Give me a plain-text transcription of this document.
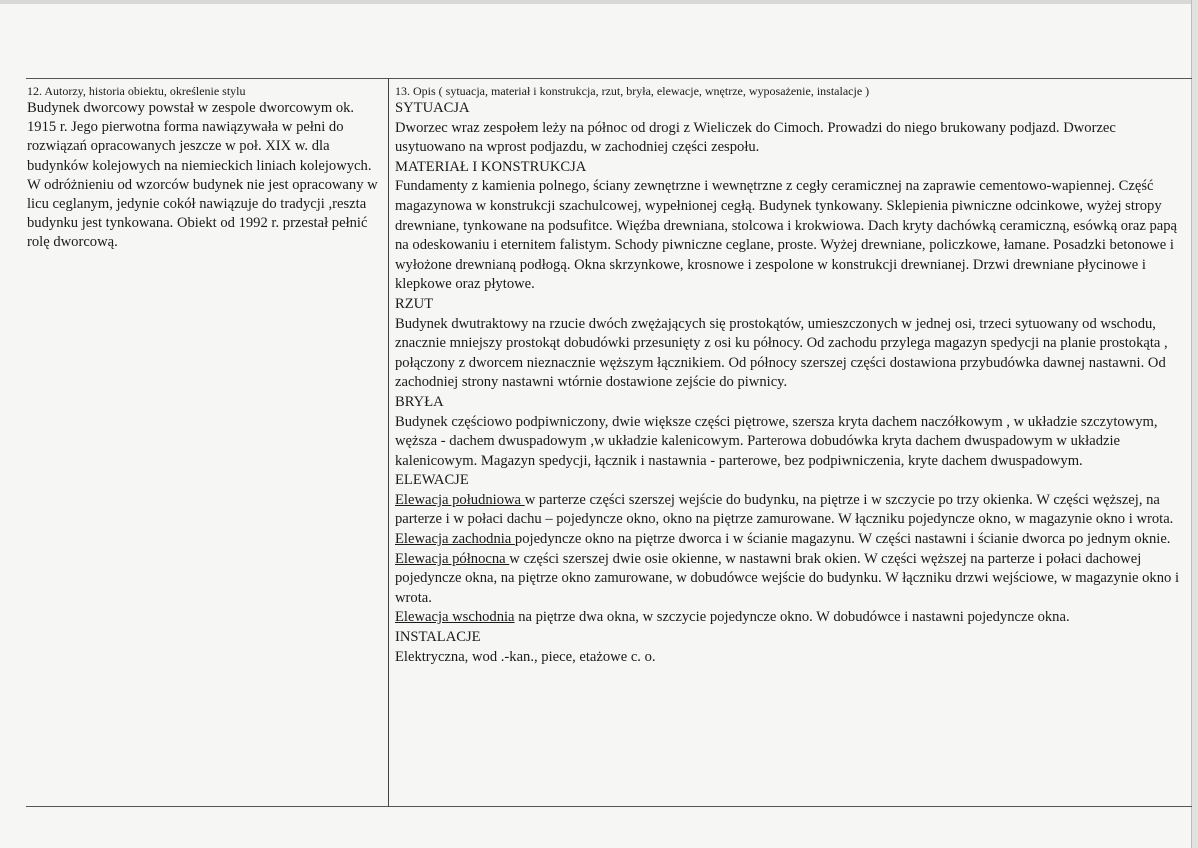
12. Autorzy, historia obiektu, określenie stylu

Budynek dworcowy powstał w zespole dworcowym ok. 1915 r. Jego pierwotna forma nawiązywała w pełni do rozwiązań opracowanych jeszcze w poł. XIX w. dla budynków kolejowych na niemieckich liniach kolejowych. W odróżnieniu od wzorców budynek nie jest opracowany w licu ceglanym, jedynie cokół nawiązuje do tradycji ,reszta budynku jest tynkowana. Obiekt od 1992 r. przestał pełnić rolę dworcową.

13. Opis ( sytuacja, materiał i konstrukcja, rzut, bryła, elewacje, wnętrze, wyposażenie, instalacje )

SYTUACJA

Dworzec wraz zespołem leży na północ od drogi z Wieliczek do Cimoch. Prowadzi do niego brukowany podjazd. Dworzec usytuowano na wprost podjazdu, w zachodniej części zespołu.

MATERIAŁ I KONSTRUKCJA

Fundamenty z kamienia polnego, ściany zewnętrzne i wewnętrzne z cegły ceramicznej na zaprawie cementowo-wapiennej. Część magazynowa w konstrukcji szachulcowej, wypełnionej cegłą. Budynek tynkowany. Sklepienia piwniczne odcinkowe, wyżej stropy drewniane, tynkowane na podsufitce. Więźba drewniana, stolcowa i krokwiowa. Dach kryty dachówką ceramiczną, esówką oraz papą na odeskowaniu i eternitem falistym. Schody piwniczne ceglane, proste. Wyżej drewniane, policzkowe, łamane. Posadzki betonowe i wyłożone drewnianą podłogą. Okna skrzynkowe, krosnowe i zespolone w konstrukcji drewnianej. Drzwi drewniane płycinowe i klepkowe oraz płytowe.

RZUT

Budynek dwutraktowy na rzucie dwóch zwężających się prostokątów, umieszczonych w jednej osi, trzeci sytuowany od wschodu, znacznie mniejszy prostokąt dobudówki przesunięty z osi ku północy. Od zachodu przylega magazyn spedycji na planie prostokąta , połączony z dworcem nieznacznie węższym łącznikiem. Od północy szerszej części dostawiona przybudówka dawnej nastawni. Od zachodniej strony nastawni wtórnie dostawione zejście do piwnicy.

BRYŁA

Budynek częściowo podpiwniczony, dwie większe części piętrowe, szersza kryta dachem naczółkowym , w układzie szczytowym, węższa - dachem dwuspadowym ,w układzie kalenicowym. Parterowa dobudówka kryta dachem dwuspadowym w układzie kalenicowym. Magazyn spedycji, łącznik i nastawnia - parterowe, bez podpiwniczenia, kryte dachem dwuspadowym.

ELEWACJE

Elewacja południowa w parterze części szerszej wejście do budynku, na piętrze i w szczycie po trzy okienka. W części węższej, na parterze i w połaci dachu – pojedyncze okno, okno na piętrze zamurowane. W łączniku pojedyncze okno, w magazynie okno i wrota. Elewacja zachodnia pojedyncze okno na piętrze dworca i w ścianie magazynu. W części nastawni i ścianie dworca po jednym oknie. Elewacja północna w części szerszej dwie osie okienne, w nastawni brak okien. W części węższej na parterze i połaci dachowej pojedyncze okna, na piętrze okno zamurowane, w dobudówce wejście do budynku. W łączniku drzwi wejściowe, w magazynie okno i wrota.
Elewacja wschodnia na piętrze dwa okna, w szczycie pojedyncze okno. W dobudówce i nastawni pojedyncze okna.

INSTALACJE

Elektryczna, wod .-kan., piece, etażowe c. o.
